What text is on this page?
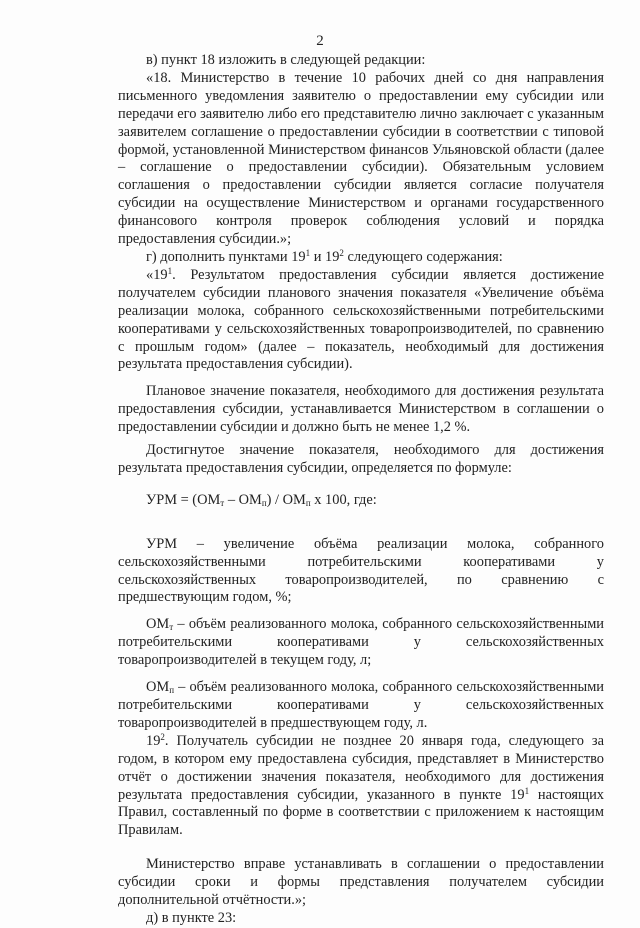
2

в) пункт 18 изложить в следующей редакции:

«18. Министерство в течение 10 рабочих дней со дня направления письменного уведомления заявителю о предоставлении ему субсидии или передачи его заявителю либо его представителю лично заключает с указанным заявителем соглашение о предоставлении субсидии в соответствии с типовой формой, установленной Министерством финансов Ульяновской области (далее – соглашение о предоставлении субсидии). Обязательным условием соглашения о предоставлении субсидии является согласие получателя субсидии на осуществление Министерством и органами государственного финансового контроля проверок соблюдения условий и порядка предоставления субсидии.»;

г) дополнить пунктами $19^1$ и $19^2$ следующего содержания:

«$19^1$. Результатом предоставления субсидии является достижение получателем субсидии планового значения показателя «Увеличение объёма реализации молока, собранного сельскохозяйственными потребительскими кооперативами у сельскохозяйственных товаропроизводителей, по сравнению с прошлым годом» (далее – показатель, необходимый для достижения результата предоставления субсидии).

Плановое значение показателя, необходимого для достижения результата предоставления субсидии, устанавливается Министерством в соглашении о предоставлении субсидии и должно быть не менее 1,2 %.

Достигнутое значение показателя, необходимого для достижения результата предоставления субсидии, определяется по формуле:

УРМ = $(ОМ_т - ОМ_п) / ОМ_п$ х 100, где:

УРМ – увеличение объёма реализации молока, собранного сельскохозяйственными потребительскими кооперативами у сельскохозяйственных товаропроизводителей, по сравнению с предшествующим годом, %;

$ОМ_т$ – объём реализованного молока, собранного сельскохозяйственными потребительскими кооперативами у сельскохозяйственных товаропроизводителей в текущем году, л;

$ОМ_п$ – объём реализованного молока, собранного сельскохозяйственными потребительскими кооперативами у сельскохозяйственных товаропроизводителей в предшествующем году, л.

$19^2$. Получатель субсидии не позднее 20 января года, следующего за годом, в котором ему предоставлена субсидия, представляет в Министерство отчёт о достижении значения показателя, необходимого для достижения результата предоставления субсидии, указанного в пункте $19^1$ настоящих Правил, составленный по форме в соответствии с приложением к настоящим Правилам.

Министерство вправе устанавливать в соглашении о предоставлении субсидии сроки и формы представления получателем субсидии дополнительной отчётности.»;

д) в пункте 23:
